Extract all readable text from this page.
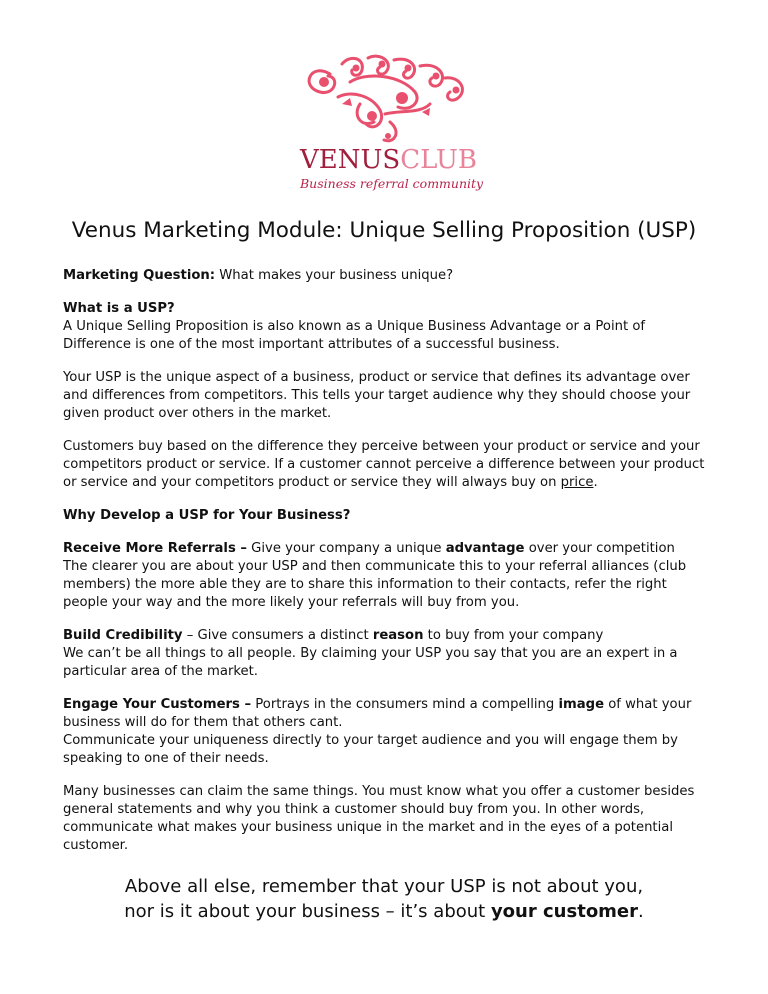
VENUSCLUB
Business referral community
Venus Marketing Module: Unique Selling Proposition (USP)

Marketing Question: What makes your business unique?

What is a USP?
A Unique Selling Proposition is also known as a Unique Business Advantage or a Point of Difference is one of the most important attributes of a successful business.

Your USP is the unique aspect of a business, product or service that defines its advantage over and differences from competitors. This tells your target audience why they should choose your given product over others in the market.

Customers buy based on the difference they perceive between your product or service and your competitors product or service. If a customer cannot perceive a difference between your product or service and your competitors product or service they will always buy on price.

Why Develop a USP for Your Business?

Receive More Referrals – Give your company a unique advantage over your competition
The clearer you are about your USP and then communicate this to your referral alliances (club members) the more able they are to share this information to their contacts, refer the right people your way and the more likely your referrals will buy from you.

Build Credibility – Give consumers a distinct reason to buy from your company
We can’t be all things to all people. By claiming your USP you say that you are an expert in a particular area of the market.

Engage Your Customers – Portrays in the consumers mind a compelling image of what your business will do for them that others cant.
Communicate your uniqueness directly to your target audience and you will engage them by speaking to one of their needs.

Many businesses can claim the same things. You must know what you offer a customer besides general statements and why you think a customer should buy from you. In other words, communicate what makes your business unique in the market and in the eyes of a potential customer.

Above all else, remember that your USP is not about you,
nor is it about your business – it’s about your customer.
